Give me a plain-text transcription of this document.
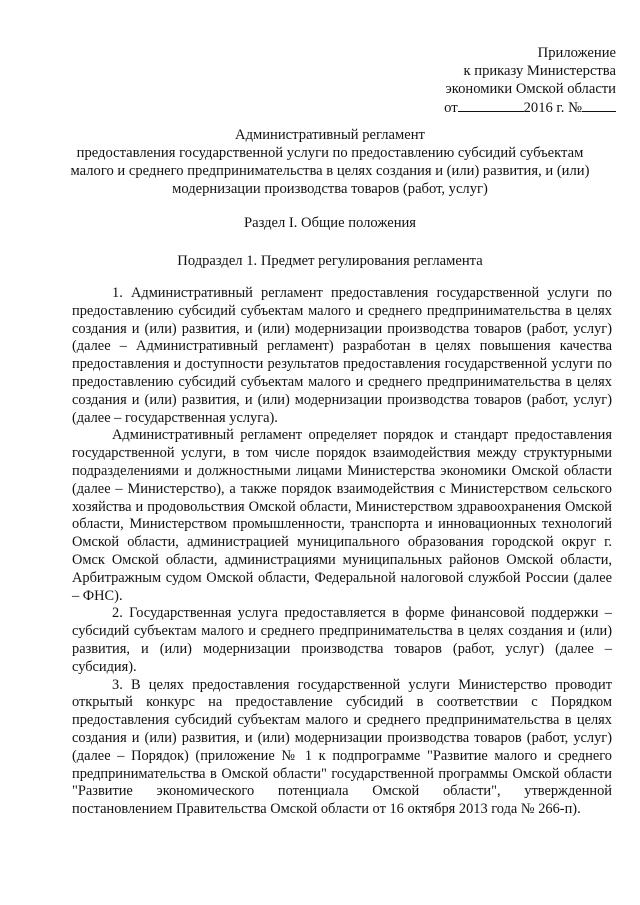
Приложение
к приказу Министерства
экономики Омской области
от	2016 г. №
Административный регламент
предоставления государственной услуги по предоставлению субсидий субъектам
малого и среднего предпринимательства в целях создания и (или) развития, и (или)
модернизации производства товаров (работ, услуг)
Раздел I. Общие положения
Подраздел 1. Предмет регулирования регламента

1. Административный регламент предоставления государственной услуги по предоставлению субсидий субъектам малого и среднего предпринимательства в целях создания и (или) развития, и (или) модернизации производства товаров (работ, услуг) (далее – Административный регламент) разработан в целях повышения качества предоставления и доступности результатов предоставления государственной услуги по предоставлению субсидий субъектам малого и среднего предпринимательства в целях создания и (или) развития, и (или) модернизации производства товаров (работ, услуг) (далее – государственная услуга).

Административный регламент определяет порядок и стандарт предоставления государственной услуги, в том числе порядок взаимодействия между структурными подразделениями и должностными лицами Министерства экономики Омской области (далее – Министерство), а также порядок взаимодействия с Министерством сельского хозяйства и продовольствия Омской области, Министерством здравоохранения Омской области, Министерством промышленности, транспорта и инновационных технологий Омской области, администрацией муниципального образования городской округ г. Омск Омской области, администрациями муниципальных районов Омской области, Арбитражным судом Омской области, Федеральной налоговой службой России (далее – ФНС).

2. Государственная услуга предоставляется в форме финансовой поддержки – субсидий субъектам малого и среднего предпринимательства в целях создания и (или) развития, и (или) модернизации производства товаров (работ, услуг) (далее – субсидия).

3. В целях предоставления государственной услуги Министерство проводит открытый конкурс на предоставление субсидий в соответствии с Порядком предоставления субсидий субъектам малого и среднего предпринимательства в целях создания и (или) развития, и (или) модернизации производства товаров (работ, услуг) (далее – Порядок) (приложение № 1 к подпрограмме "Развитие малого и среднего предпринимательства в Омской области" государственной программы Омской области "Развитие экономического потенциала Омской области", утвержденной постановлением Правительства Омской области от 16 октября 2013 года № 266-п).
